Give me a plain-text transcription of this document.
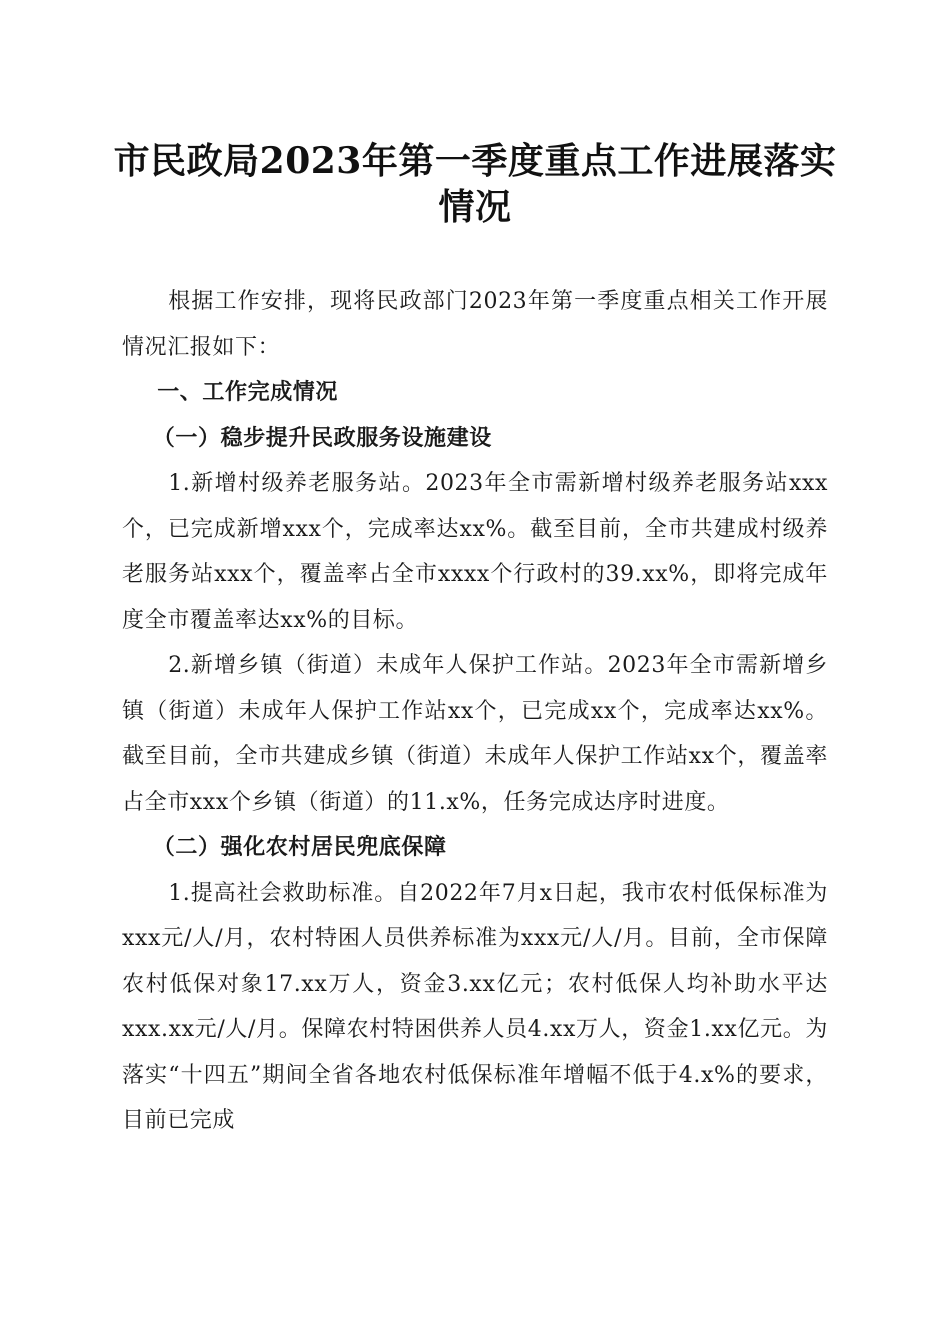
市民政局2023年第一季度重点工作进展落实情况

根据工作安排，现将民政部门2023年第一季度重点相关工作开展情况汇报如下：

一、工作完成情况

（一）稳步提升民政服务设施建设

1.新增村级养老服务站。2023年全市需新增村级养老服务站xxx个，已完成新增xxx个，完成率达xx%。截至目前，全市共建成村级养老服务站xxx个，覆盖率占全市xxxx个行政村的39.xx%，即将完成年度全市覆盖率达xx%的目标。

2.新增乡镇（街道）未成年人保护工作站。2023年全市需新增乡镇（街道）未成年人保护工作站xx个，已完成xx个，完成率达xx%。截至目前，全市共建成乡镇（街道）未成年人保护工作站xx个，覆盖率占全市xxx个乡镇（街道）的11.x%，任务完成达序时进度。

（二）强化农村居民兜底保障

1.提高社会救助标准。自2022年7月x日起，我市农村低保标准为xxx元/人/月，农村特困人员供养标准为xxx元/人/月。目前，全市保障农村低保对象17.xx万人，资金3.xx亿元；农村低保人均补助水平达xxx.xx元/人/月。保障农村特困供养人员4.xx万人，资金1.xx亿元。为落实“十四五”期间全省各地农村低保标准年增幅不低于4.x%的要求，目前已完成
